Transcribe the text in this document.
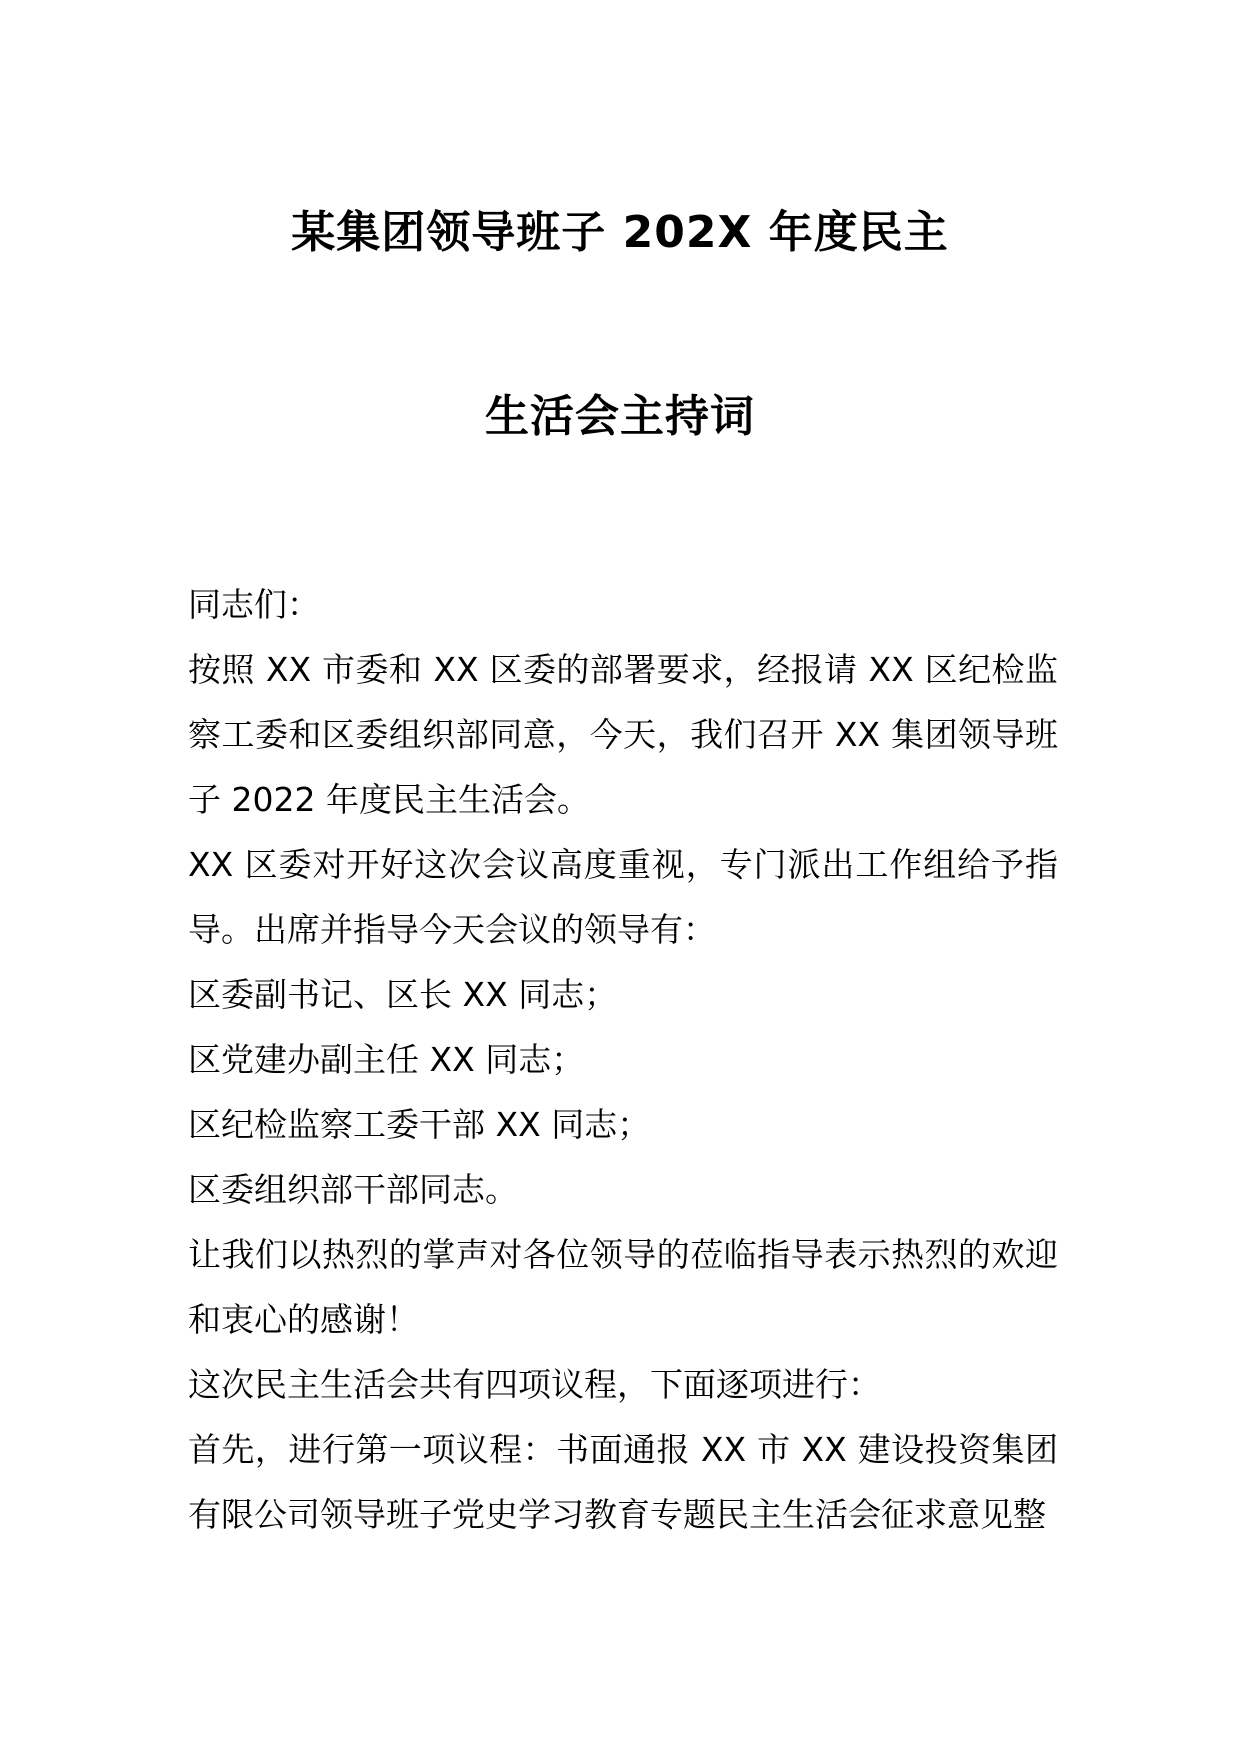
某集团领导班子 202X 年度民主
生活会主持词

同志们：

按照 XX 市委和 XX 区委的部署要求，经报请 XX 区纪检监察工委和区委组织部同意，今天，我们召开 XX 集团领导班子 2022 年度民主生活会。

XX 区委对开好这次会议高度重视，专门派出工作组给予指导。出席并指导今天会议的领导有：

区委副书记、区长 XX 同志；

区党建办副主任 XX 同志；

区纪检监察工委干部 XX 同志；

区委组织部干部同志。

让我们以热烈的掌声对各位领导的莅临指导表示热烈的欢迎和衷心的感谢！

这次民主生活会共有四项议程，下面逐项进行：

首先，进行第一项议程：书面通报 XX 市 XX 建设投资集团有限公司领导班子党史学习教育专题民主生活会征求意见整
